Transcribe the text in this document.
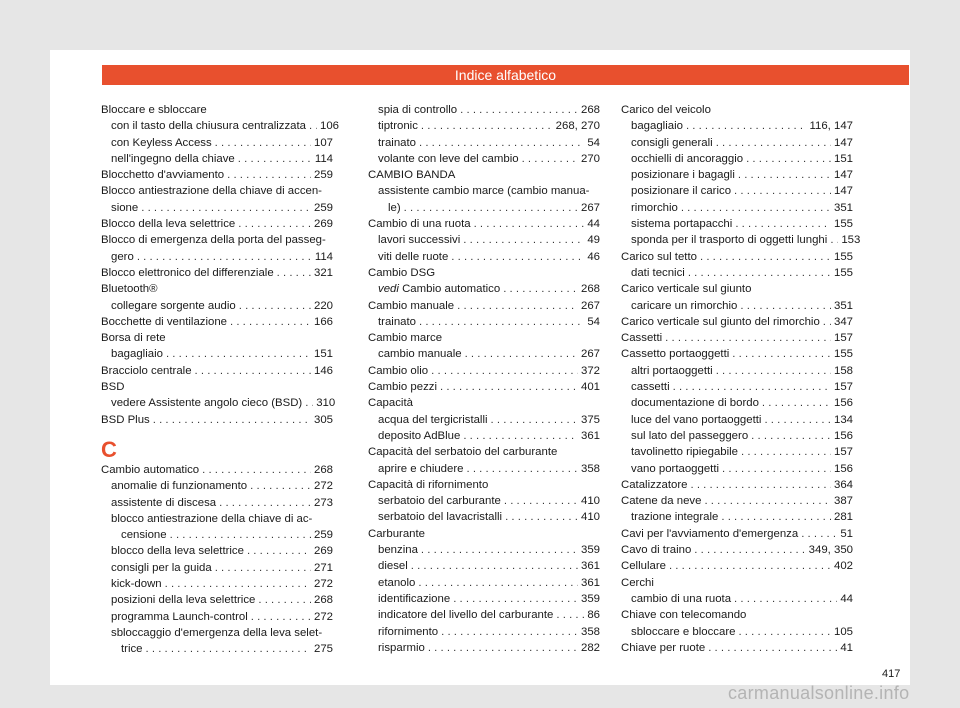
Indice alfabetico
Bloccare e sbloccare
con il tasto della chiusura centralizzata . . . 106
con Keyless Access . . .	107
nell'ingegno della chiave . . .	114
Blocchetto d'avviamento . . .	259
Blocco antiestrazione della chiave di accen-
sione . . .	259
Blocco della leva selettrice . . .	269
Blocco di emergenza della porta del passeg-
gero . . .	114
Blocco elettronico del differenziale . . .	321
Bluetooth®
collegare sorgente audio . . .	220
Bocchette di ventilazione . . .	166
Borsa di rete
bagagliaio . . .	151
Bracciolo centrale . . .	146
BSD
vedere Assistente angolo cieco (BSD) . . . 310
BSD Plus . . .	305
C
Cambio automatico . . .	268
anomalie di funzionamento . . .	272
assistente di discesa . . .	273
blocco antiestrazione della chiave di ac-
censione . . .	259
blocco della leva selettrice . . .	269
consigli per la guida . . .	271
kick-down . . .	272
posizioni della leva selettrice . . .	268
programma Launch-control . . .	272
sbloccaggio d'emergenza della leva selet-
trice . . .	275
spia di controllo . . .	268
tiptronic . . .	268, 270
trainato . . .	54
volante con leve del cambio . . .	270
CAMBIO BANDA
assistente cambio marce (cambio manua-
le) . . .	267
Cambio di una ruota . . .	44
lavori successivi . . .	49
viti delle ruote . . .	46
Cambio DSG
vedi Cambio automatico . . .	268
Cambio manuale . . .	267
trainato . . .	54
Cambio marce
cambio manuale . . .	267
Cambio olio . . .	372
Cambio pezzi . . .	401
Capacità
acqua del tergicristalli . . .	375
deposito AdBlue . . .	361
Capacità del serbatoio del carburante
aprire e chiudere . . .	358
Capacità di rifornimento
serbatoio del carburante . . .	410
serbatoio del lavacristalli . . .	410
Carburante
benzina . . .	359
diesel . . .	361
etanolo . . .	361
identificazione . . .	359
indicatore del livello del carburante . . .	86
rifornimento . . .	358
risparmio . . .	282
Carico del veicolo
bagagliaio . . .	116, 147
consigli generali . . .	147
occhielli di ancoraggio . . .	151
posizionare i bagagli . . .	147
posizionare il carico . . .	147
rimorchio . . .	351
sistema portapacchi . . .	155
sponda per il trasporto di oggetti lunghi . . . 153
Carico sul tetto . . .	155
dati tecnici . . .	155
Carico verticale sul giunto
caricare un rimorchio . . .	351
Carico verticale sul giunto del rimorchio . . . 347
Cassetti . . .	157
Cassetto portaoggetti . . .	155
altri portaoggetti . . .	158
cassetti . . .	157
documentazione di bordo . . .	156
luce del vano portaoggetti . . .	134
sul lato del passeggero . . .	156
tavolinetto ripiegabile . . .	157
vano portaoggetti . . .	156
Catalizzatore . . .	364
Catene da neve . . .	387
trazione integrale . . .	281
Cavi per l'avviamento d'emergenza . . .	51
Cavo di traino . . .	349, 350
Cellulare . . .	402
Cerchi
cambio di una ruota . . .	44
Chiave con telecomando
sbloccare e bloccare . . .	105
Chiave per ruote . . .	41
417
carmanualsonline.info
